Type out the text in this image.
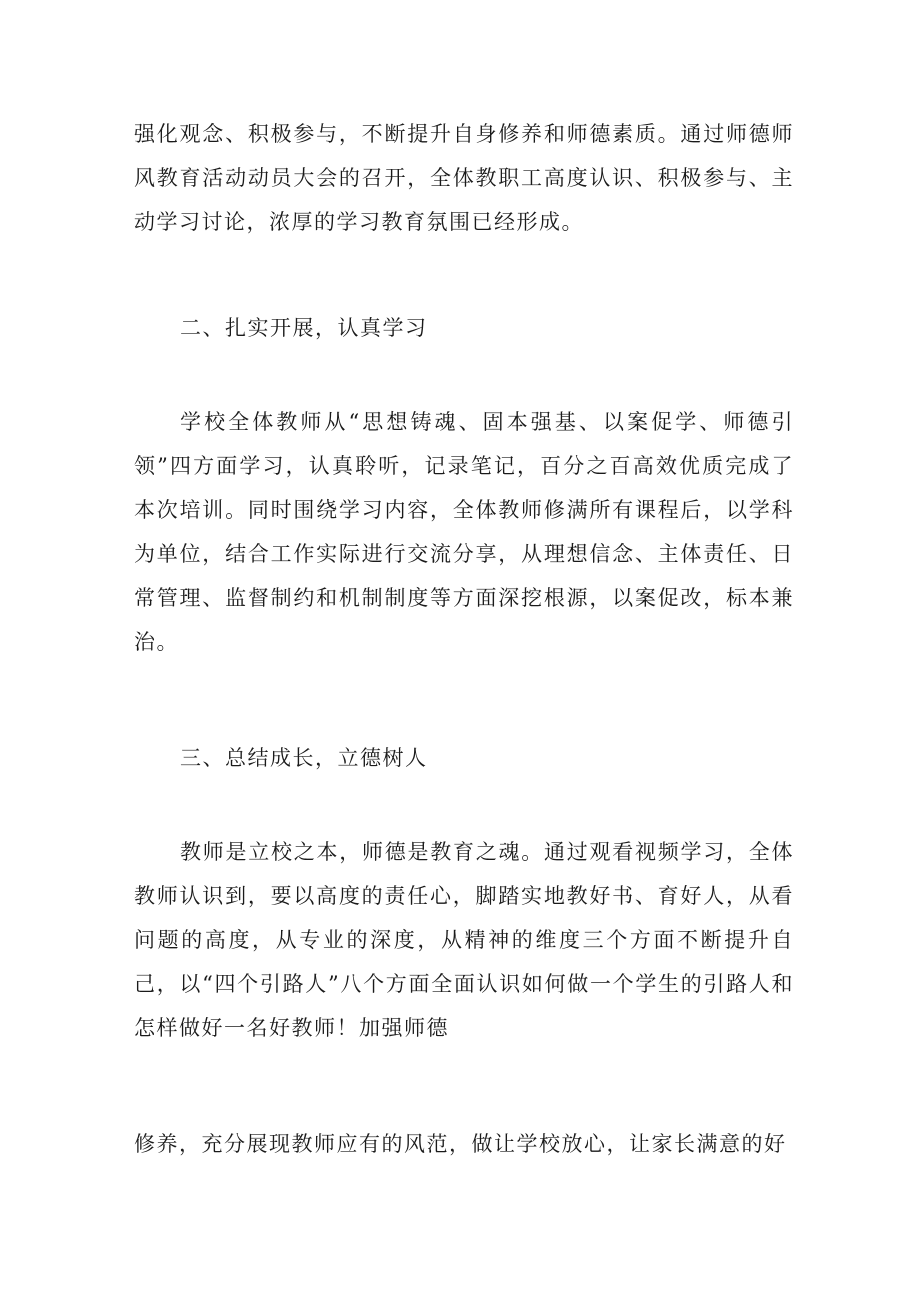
强化观念、积极参与，不断提升自身修养和师德素质。通过师德师风教育活动动员大会的召开，全体教职工高度认识、积极参与、主动学习讨论，浓厚的学习教育氛围已经形成。

二、扎实开展，认真学习

学校全体教师从“思想铸魂、固本强基、以案促学、师德引领”四方面学习，认真聆听，记录笔记，百分之百高效优质完成了本次培训。同时围绕学习内容，全体教师修满所有课程后，以学科为单位，结合工作实际进行交流分享，从理想信念、主体责任、日常管理、监督制约和机制制度等方面深挖根源，以案促改，标本兼治。

三、总结成长，立德树人

教师是立校之本，师德是教育之魂。通过观看视频学习，全体教师认识到，要以高度的责任心，脚踏实地教好书、育好人，从看问题的高度，从专业的深度，从精神的维度三个方面不断提升自己，以“四个引路人”八个方面全面认识如何做一个学生的引路人和怎样做好一名好教师！加强师德

修养，充分展现教师应有的风范，做让学校放心，让家长满意的好
